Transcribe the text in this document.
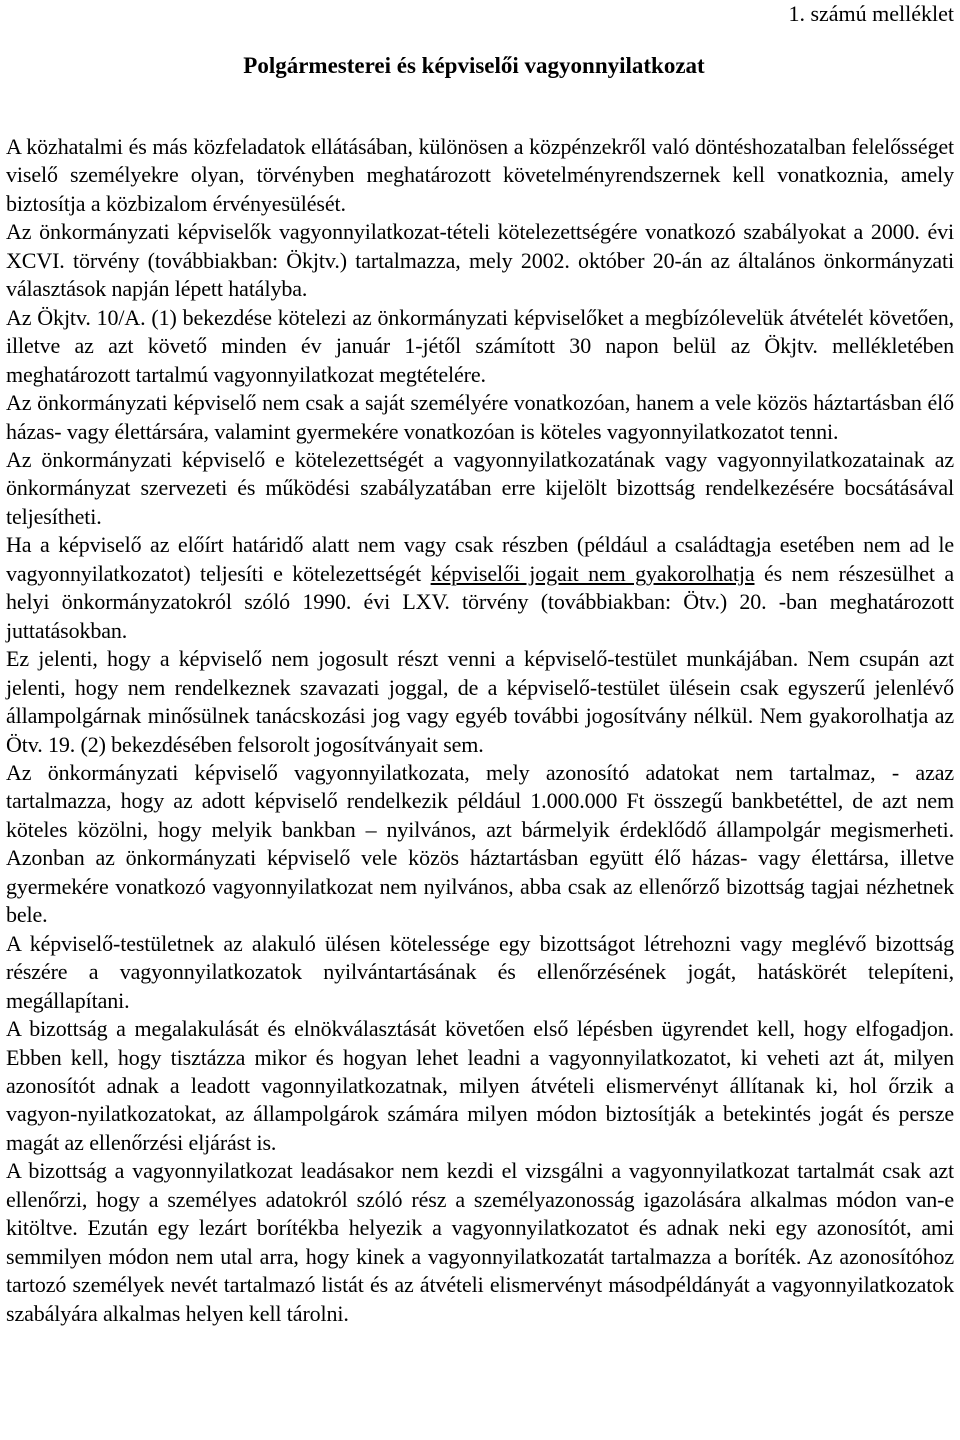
1. számú melléklet
Polgármesterei és képviselői vagyonnyilatkozat

A közhatalmi és más közfeladatok ellátásában, különösen a közpénzekről való döntéshozatalban felelősséget viselő személyekre olyan, törvényben meghatározott követelményrendszernek kell vonatkoznia, amely biztosítja a közbizalom érvényesülését.

Az önkormányzati képviselők vagyonnyilatkozat-tételi kötelezettségére vonatkozó szabályokat a 2000. évi XCVI. törvény (továbbiakban: Ökjtv.) tartalmazza, mely 2002. október 20-án az általános önkormányzati választások napján lépett hatályba.

Az Ökjtv. 10/A. (1) bekezdése kötelezi az önkormányzati képviselőket a megbízólevelük átvételét követően, illetve az azt követő minden év január 1-jétől számított 30 napon belül az Ökjtv. mellékletében meghatározott tartalmú vagyonnyilatkozat megtételére.

Az önkormányzati képviselő nem csak a saját személyére vonatkozóan, hanem a vele közös háztartásban élő házas- vagy élettársára, valamint gyermekére vonatkozóan is köteles vagyonnyilatkozatot tenni.

Az önkormányzati képviselő e kötelezettségét a vagyonnyilatkozatának vagy vagyonnyilatkozatainak az önkormányzat szervezeti és működési szabályzatában erre kijelölt bizottság rendelkezésére bocsátásával teljesítheti.

Ha a képviselő az előírt határidő alatt nem vagy csak részben (például a családtagja esetében nem ad le vagyonnyilatkozatot) teljesíti e kötelezettségét képviselői jogait nem gyakorolhatja és nem részesülhet a helyi önkormányzatokról szóló 1990. évi LXV. törvény (továbbiakban: Ötv.) 20. -ban meghatározott juttatásokban.

Ez jelenti, hogy a képviselő nem jogosult részt venni a képviselő-testület munkájában. Nem csupán azt jelenti, hogy nem rendelkeznek szavazati joggal, de a képviselő-testület ülésein csak egyszerű jelenlévő állampolgárnak minősülnek tanácskozási jog vagy egyéb további jogosítvány nélkül. Nem gyakorolhatja az Ötv. 19. (2) bekezdésében felsorolt jogosítványait sem.

Az önkormányzati képviselő vagyonnyilatkozata, mely azonosító adatokat nem tartalmaz, - azaz tartalmazza, hogy az adott képviselő rendelkezik például 1.000.000 Ft összegű bankbetéttel, de azt nem köteles közölni, hogy melyik bankban – nyilvános, azt bármelyik érdeklődő állampolgár megismerheti. Azonban az önkormányzati képviselő vele közös háztartásban együtt élő házas- vagy élettársa, illetve gyermekére vonatkozó vagyonnyilatkozat nem nyilvános, abba csak az ellenőrző bizottság tagjai nézhetnek bele.

A képviselő-testületnek az alakuló ülésen kötelessége egy bizottságot létrehozni vagy meglévő bizottság részére a vagyonnyilatkozatok nyilvántartásának és ellenőrzésének jogát, hatáskörét telepíteni, megállapítani.

A bizottság a megalakulását és elnökválasztását követően első lépésben ügyrendet kell, hogy elfogadjon. Ebben kell, hogy tisztázza mikor és hogyan lehet leadni a vagyonnyilatkozatot, ki veheti azt át, milyen azonosítót adnak a leadott vagonnyilatkozatnak, milyen átvételi elismervényt állítanak ki, hol őrzik a vagyon-nyilatkozatokat, az állampolgárok számára milyen módon biztosítják a betekintés jogát és persze magát az ellenőrzési eljárást is.

A bizottság a vagyonnyilatkozat leadásakor nem kezdi el vizsgálni a vagyonnyilatkozat tartalmát csak azt ellenőrzi, hogy a személyes adatokról szóló rész a személyazonosság igazolására alkalmas módon van-e kitöltve. Ezután egy lezárt borítékba helyezik a vagyonnyilatkozatot és adnak neki egy azonosítót, ami semmilyen módon nem utal arra, hogy kinek a vagyonnyilatkozatát tartalmazza a boríték. Az azonosítóhoz tartozó személyek nevét tartalmazó listát és az átvételi elismervényt másodpéldányát a vagyonnyilatkozatok szabályára alkalmas helyen kell tárolni.
